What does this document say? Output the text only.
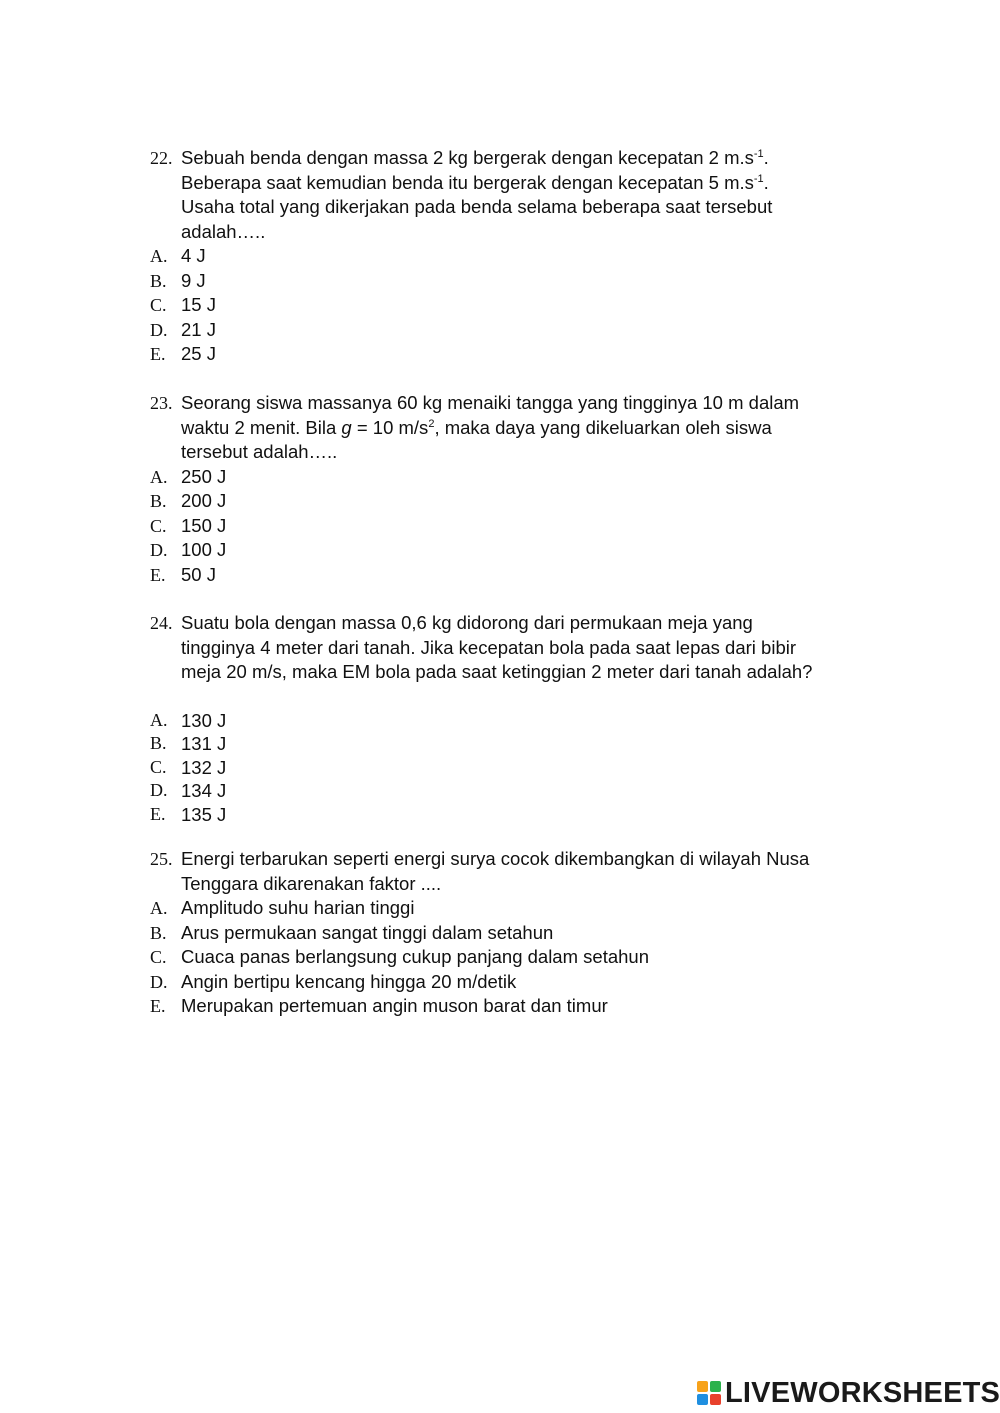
22. Sebuah benda dengan massa 2 kg bergerak dengan kecepatan 2 $m.s^{-1}$.
Beberapa saat kemudian benda itu bergerak dengan kecepatan 5 $m.s^{-1}$.
Usaha total yang dikerjakan pada benda selama beberapa saat tersebut
adalah…..
A. 4 J
B. 9 J
C. 15 J
D. 21 J
E. 25 J
23. Seorang siswa massanya 60 kg menaiki tangga yang tingginya 10 m dalam
waktu 2 menit. Bila g = 10 $m/s^2$, maka daya yang dikeluarkan oleh siswa
tersebut adalah…..
A. 250 J
B. 200 J
C. 150 J
D. 100 J
E. 50 J
24. Suatu bola dengan massa 0,6 kg didorong dari permukaan meja yang
tingginya 4 meter dari tanah. Jika kecepatan bola pada saat lepas dari bibir
meja 20 m/s, maka EM bola pada saat ketinggian 2 meter dari tanah adalah?
A. 130 J
B. 131 J
C. 132 J
D. 134 J
E. 135 J
25. Energi terbarukan seperti energi surya cocok dikembangkan di wilayah Nusa
Tenggara dikarenakan faktor ....
A. Amplitudo suhu harian tinggi
B. Arus permukaan sangat tinggi dalam setahun
C. Cuaca panas berlangsung cukup panjang dalam setahun
D. Angin bertipu kencang hingga 20 m/detik
E. Merupakan pertemuan angin muson barat dan timur
LIVEWORKSHEETS
